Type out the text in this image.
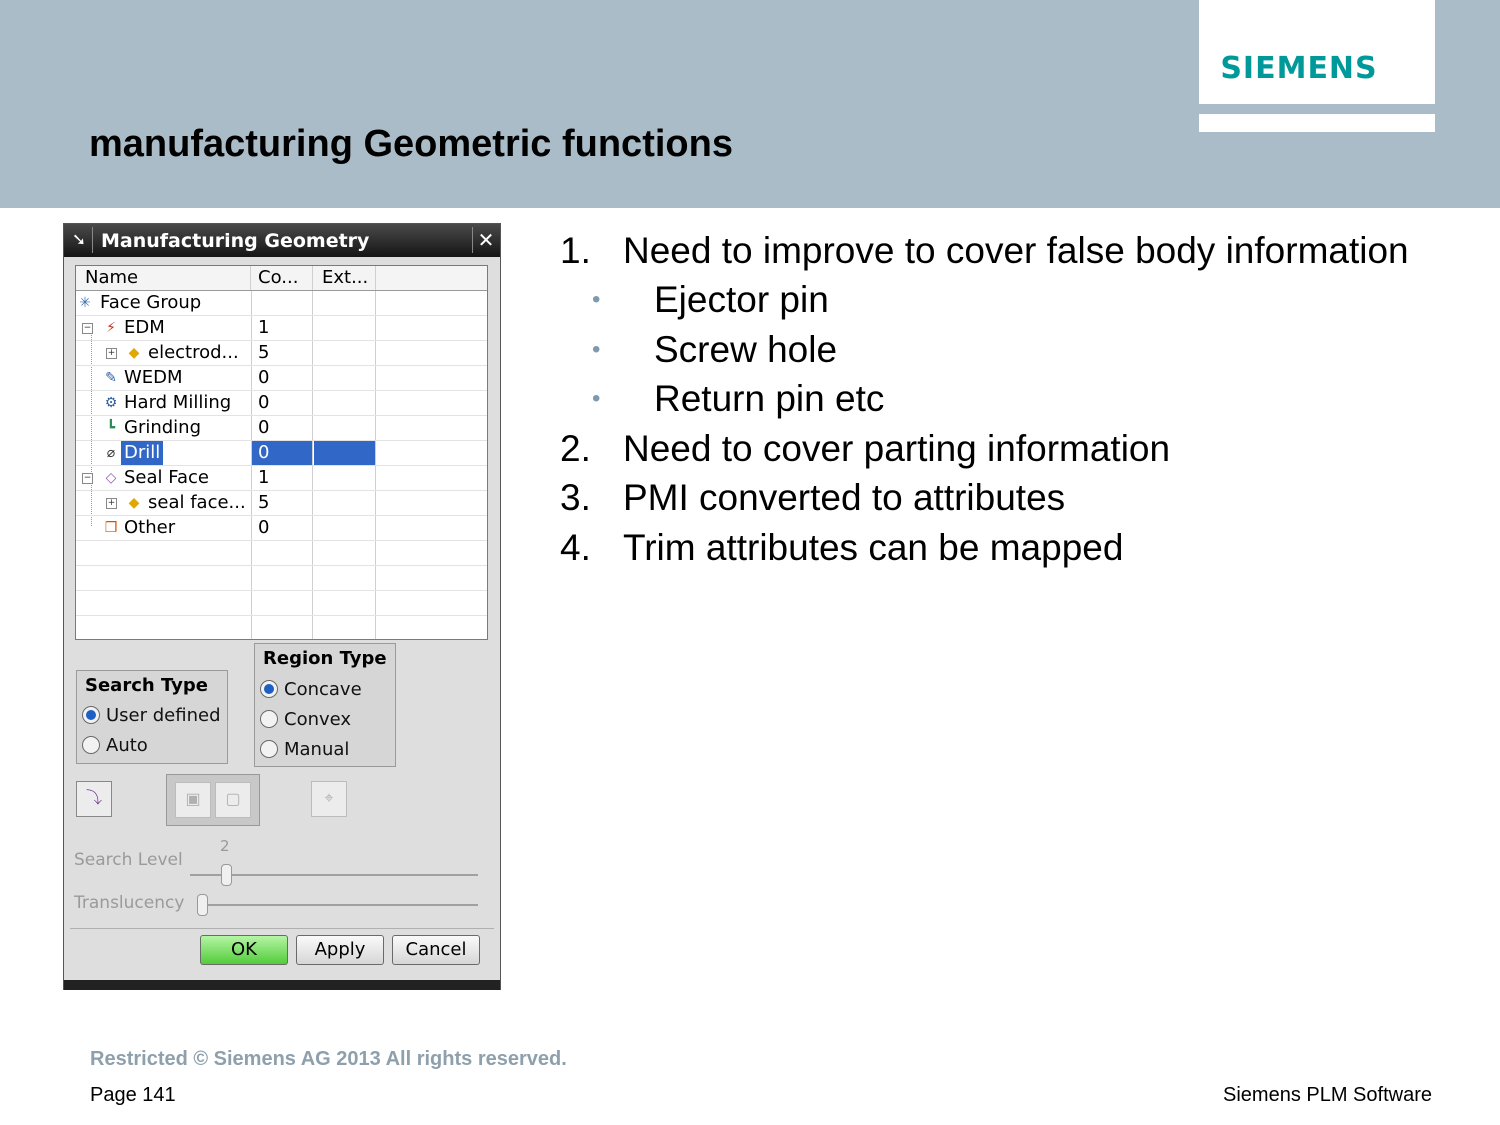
SIEMENS
manufacturing Geometric functions
➘ Manufacturing Geometry	✕
Name	Co...	Ext...
✳ Face Group
− ⚡ EDM	1
+ ◆ electrod...	5
✎ WEDM	0
⚙ Hard Milling	0
┗ Grinding	0
⌀ Drill	0
− ◇ Seal Face	1
+ ◆ seal face... 5
❒ Other	0
Search Type
User defined
Auto
Region Type
Concave
Convex
Manual
⤵	▣	▢	⌖
Search Level
2
Translucency
OK	Apply	Cancel
1. Need to improve to cover false body information
• Ejector pin
• Screw hole
• Return pin etc
2. Need to cover parting information
3. PMI converted to attributes
4. Trim attributes can be mapped
Restricted © Siemens AG 2013 All rights reserved.
Page 141	Siemens PLM Software
